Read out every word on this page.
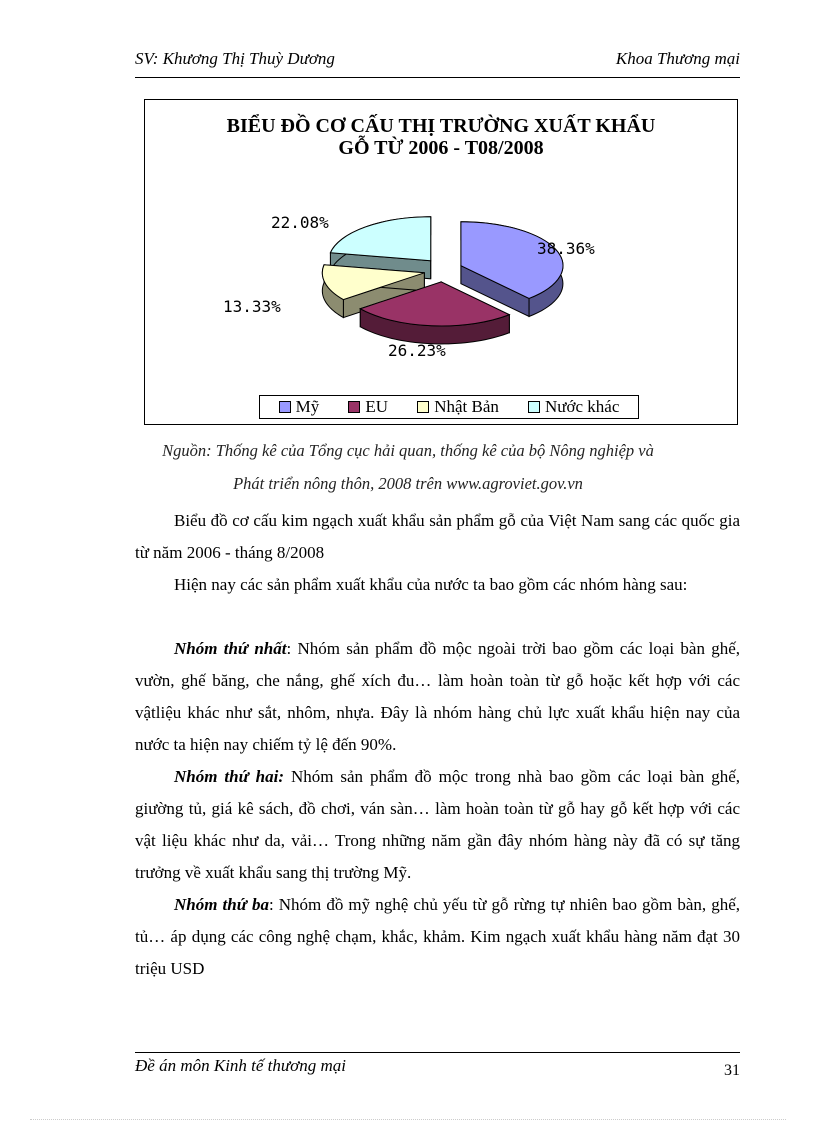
SV: Khương Thị Thuỳ Dương	Khoa Thương mại
BIỂU ĐỒ CƠ CẤU THỊ TRƯỜNG XUẤT KHẨU
GỖ TỪ 2006 - T08/2008
38.36%
26.23%
13.33%
22.08%
Mỹ	EU	Nhật Bản	Nước khác
Nguồn: Thống kê của Tổng cục hải quan, thống kê của bộ Nông nghiệp và
Phát triển nông thôn, 2008 trên www.agroviet.gov.vn
Biểu đồ cơ cấu kim ngạch xuất khẩu sản phẩm gỗ của Việt Nam sang các quốc gia từ năm 2006 - tháng 8/2008
Hiện nay các sản phẩm xuất khẩu của nước ta bao gồm các nhóm hàng sau:
Nhóm thứ nhất: Nhóm sản phẩm đồ mộc ngoài trời bao gồm các loại bàn ghế, vườn, ghế băng, che nắng, ghế xích đu… làm hoàn toàn từ gỗ hoặc kết hợp với các vậtliệu khác như sắt, nhôm, nhựa. Đây là nhóm hàng chủ lực xuất khẩu hiện nay của nước ta hiện nay chiếm tỷ lệ đến 90%.
Nhóm thứ hai: Nhóm sản phẩm đồ mộc trong nhà bao gồm các loại bàn ghế, giường tủ, giá kê sách, đồ chơi, ván sàn… làm hoàn toàn từ gỗ hay gỗ kết hợp với các vật liệu khác như da, vải… Trong những năm gần đây nhóm hàng này đã có sự tăng trưởng về xuất khẩu sang thị trường Mỹ.
Nhóm thứ ba: Nhóm đồ mỹ nghệ chủ yếu từ gỗ rừng tự nhiên bao gồm bàn, ghế, tủ… áp dụng các công nghệ chạm, khắc, khảm. Kim ngạch xuất khẩu hàng năm đạt 30 triệu USD
Đề án môn Kinh tế thương mại	31
